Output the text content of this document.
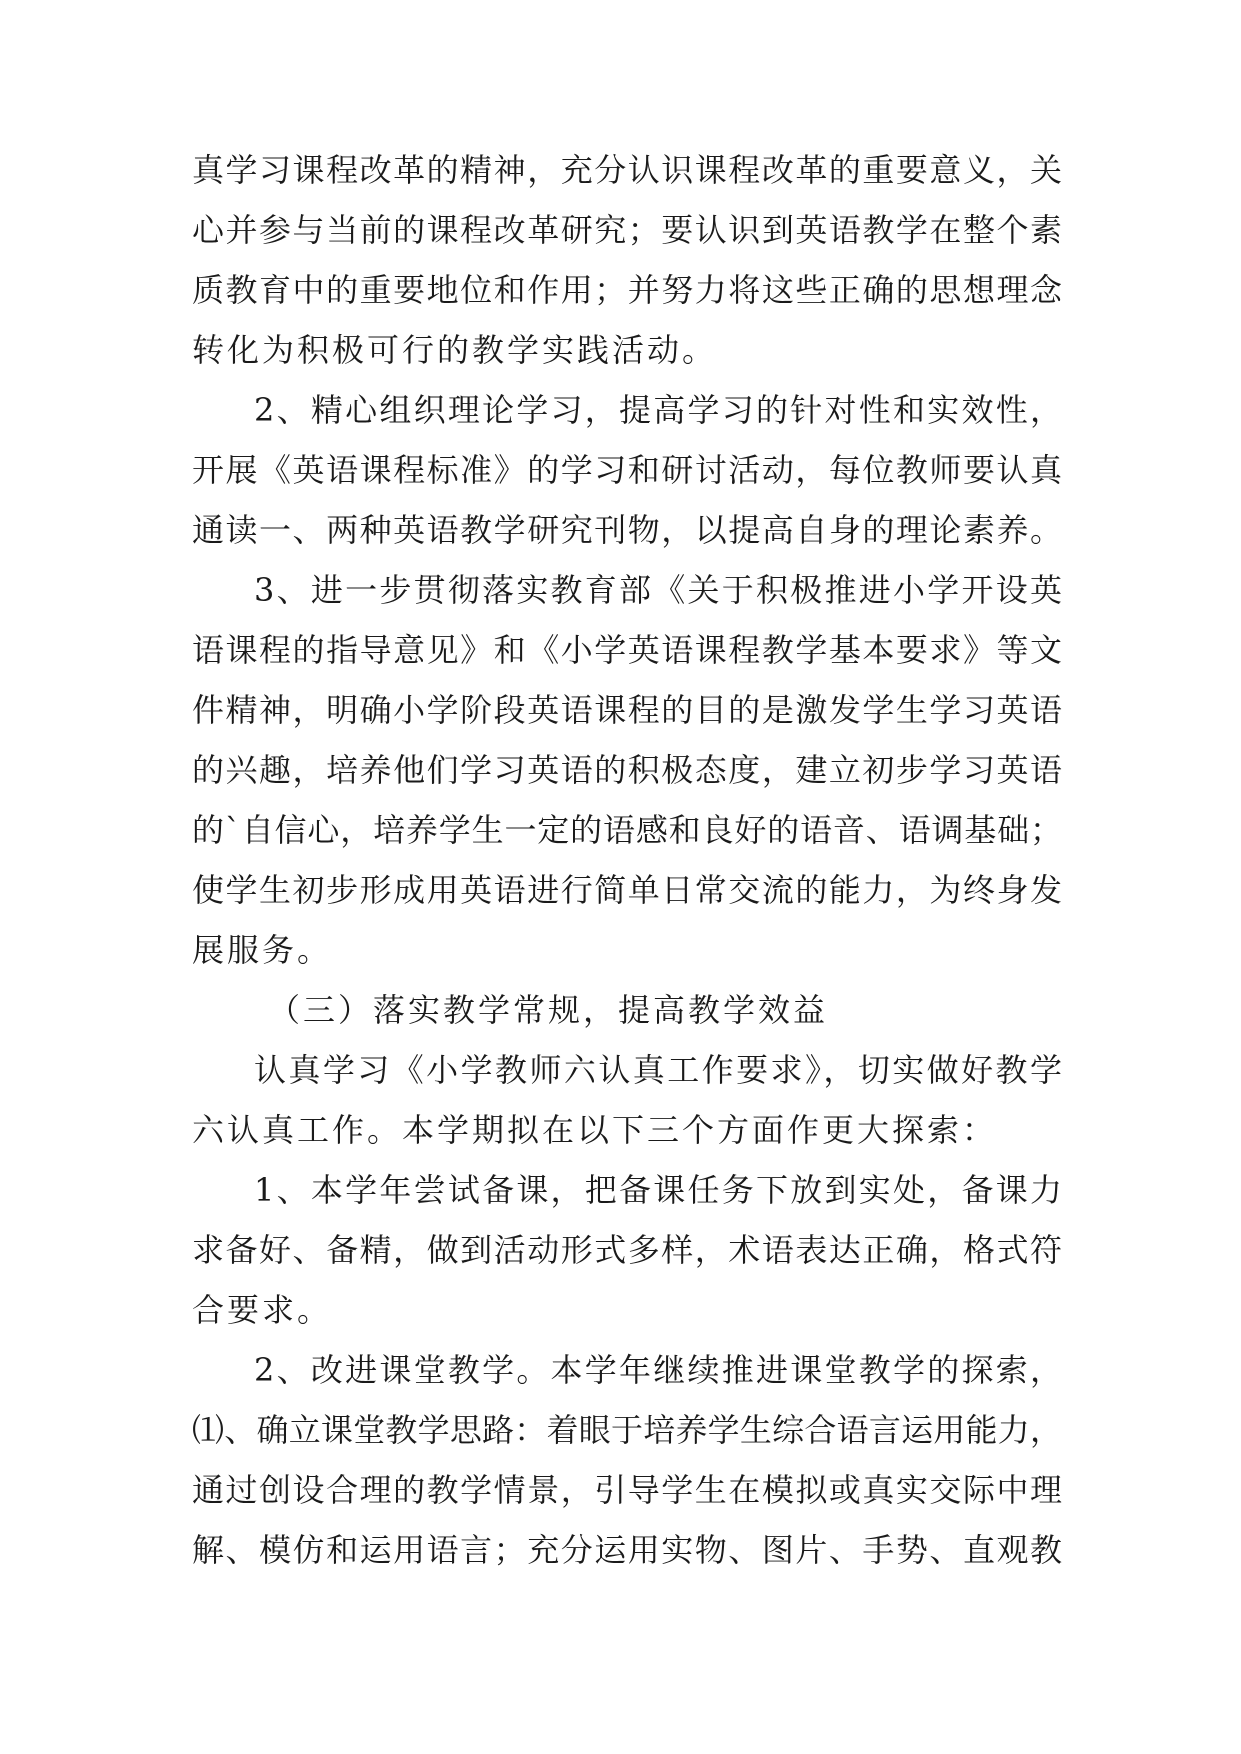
真学习课程改革的精神，充分认识课程改革的重要意义，关
心并参与当前的课程改革研究；要认识到英语教学在整个素
质教育中的重要地位和作用；并努力将这些正确的思想理念
转化为积极可行的教学实践活动。
2、精心组织理论学习，提高学习的针对性和实效性，
开展《英语课程标准》的学习和研讨活动，每位教师要认真
通读一、两种英语教学研究刊物，以提高自身的理论素养。
3、进一步贯彻落实教育部《关于积极推进小学开设英
语课程的指导意见》和《小学英语课程教学基本要求》等文
件精神，明确小学阶段英语课程的目的是激发学生学习英语
的兴趣，培养他们学习英语的积极态度，建立初步学习英语
的`自信心，培养学生一定的语感和良好的语音、语调基础；
使学生初步形成用英语进行简单日常交流的能力，为终身发
展服务。
（三）落实教学常规，提高教学效益
认真学习《小学教师六认真工作要求》，切实做好教学
六认真工作。本学期拟在以下三个方面作更大探索：
1、本学年尝试备课，把备课任务下放到实处，备课力
求备好、备精，做到活动形式多样，术语表达正确，格式符
合要求。
2、改进课堂教学。本学年继续推进课堂教学的探索，
⑴、确立课堂教学思路：着眼于培养学生综合语言运用能力，
通过创设合理的教学情景，引导学生在模拟或真实交际中理
解、模仿和运用语言；充分运用实物、图片、手势、直观教
